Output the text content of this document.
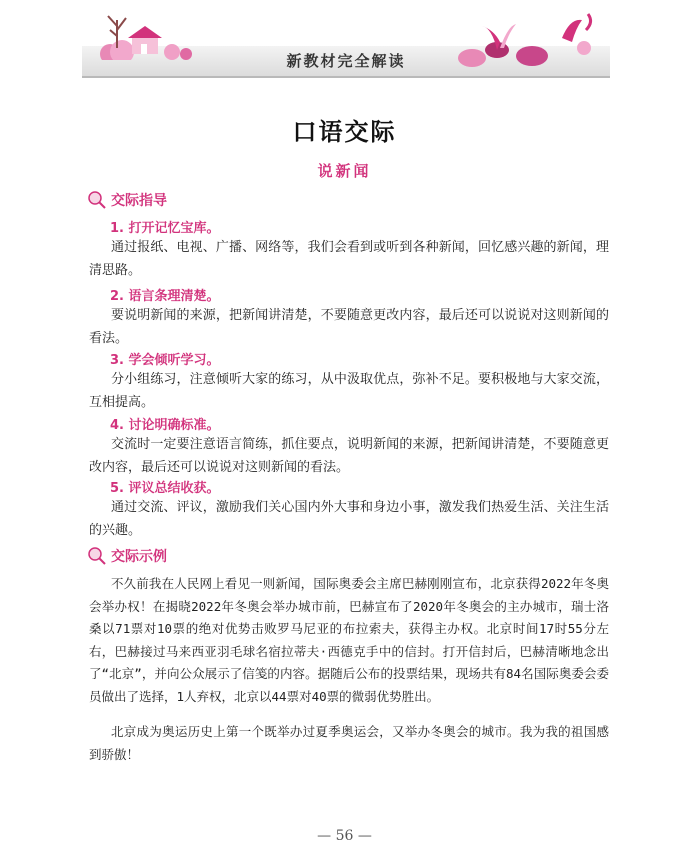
新教材完全解读
口语交际
说新闻
交际指导
1. 打开记忆宝库。
通过报纸、电视、广播、网络等，我们会看到或听到各种新闻，回忆感兴趣的新闻，理清思路。
2. 语言条理清楚。
要说明新闻的来源，把新闻讲清楚，不要随意更改内容，最后还可以说说对这则新闻的看法。
3. 学会倾听学习。
分小组练习，注意倾听大家的练习，从中汲取优点，弥补不足。要积极地与大家交流，互相提高。
4. 讨论明确标准。
交流时一定要注意语言简练，抓住要点，说明新闻的来源，把新闻讲清楚，不要随意更改内容，最后还可以说说对这则新闻的看法。
5. 评议总结收获。
通过交流、评议，激励我们关心国内外大事和身边小事，激发我们热爱生活、关注生活的兴趣。
交际示例
不久前我在人民网上看见一则新闻，国际奥委会主席巴赫刚刚宣布，北京获得2022年冬奥会举办权！在揭晓2022年冬奥会举办城市前，巴赫宣布了2020年冬奥会的主办城市，瑞士洛桑以71票对10票的绝对优势击败罗马尼亚的布拉索夫，获得主办权。北京时间17时55分左右，巴赫接过马来西亚羽毛球名宿拉蒂夫·西德克手中的信封。打开信封后，巴赫清晰地念出了“北京”，并向公众展示了信笺的内容。据随后公布的投票结果，现场共有84名国际奥委会委员做出了选择，1人弃权，北京以44票对40票的微弱优势胜出。
北京成为奥运历史上第一个既举办过夏季奥运会，又举办冬奥会的城市。我为我的祖国感到骄傲！
— 56 —
